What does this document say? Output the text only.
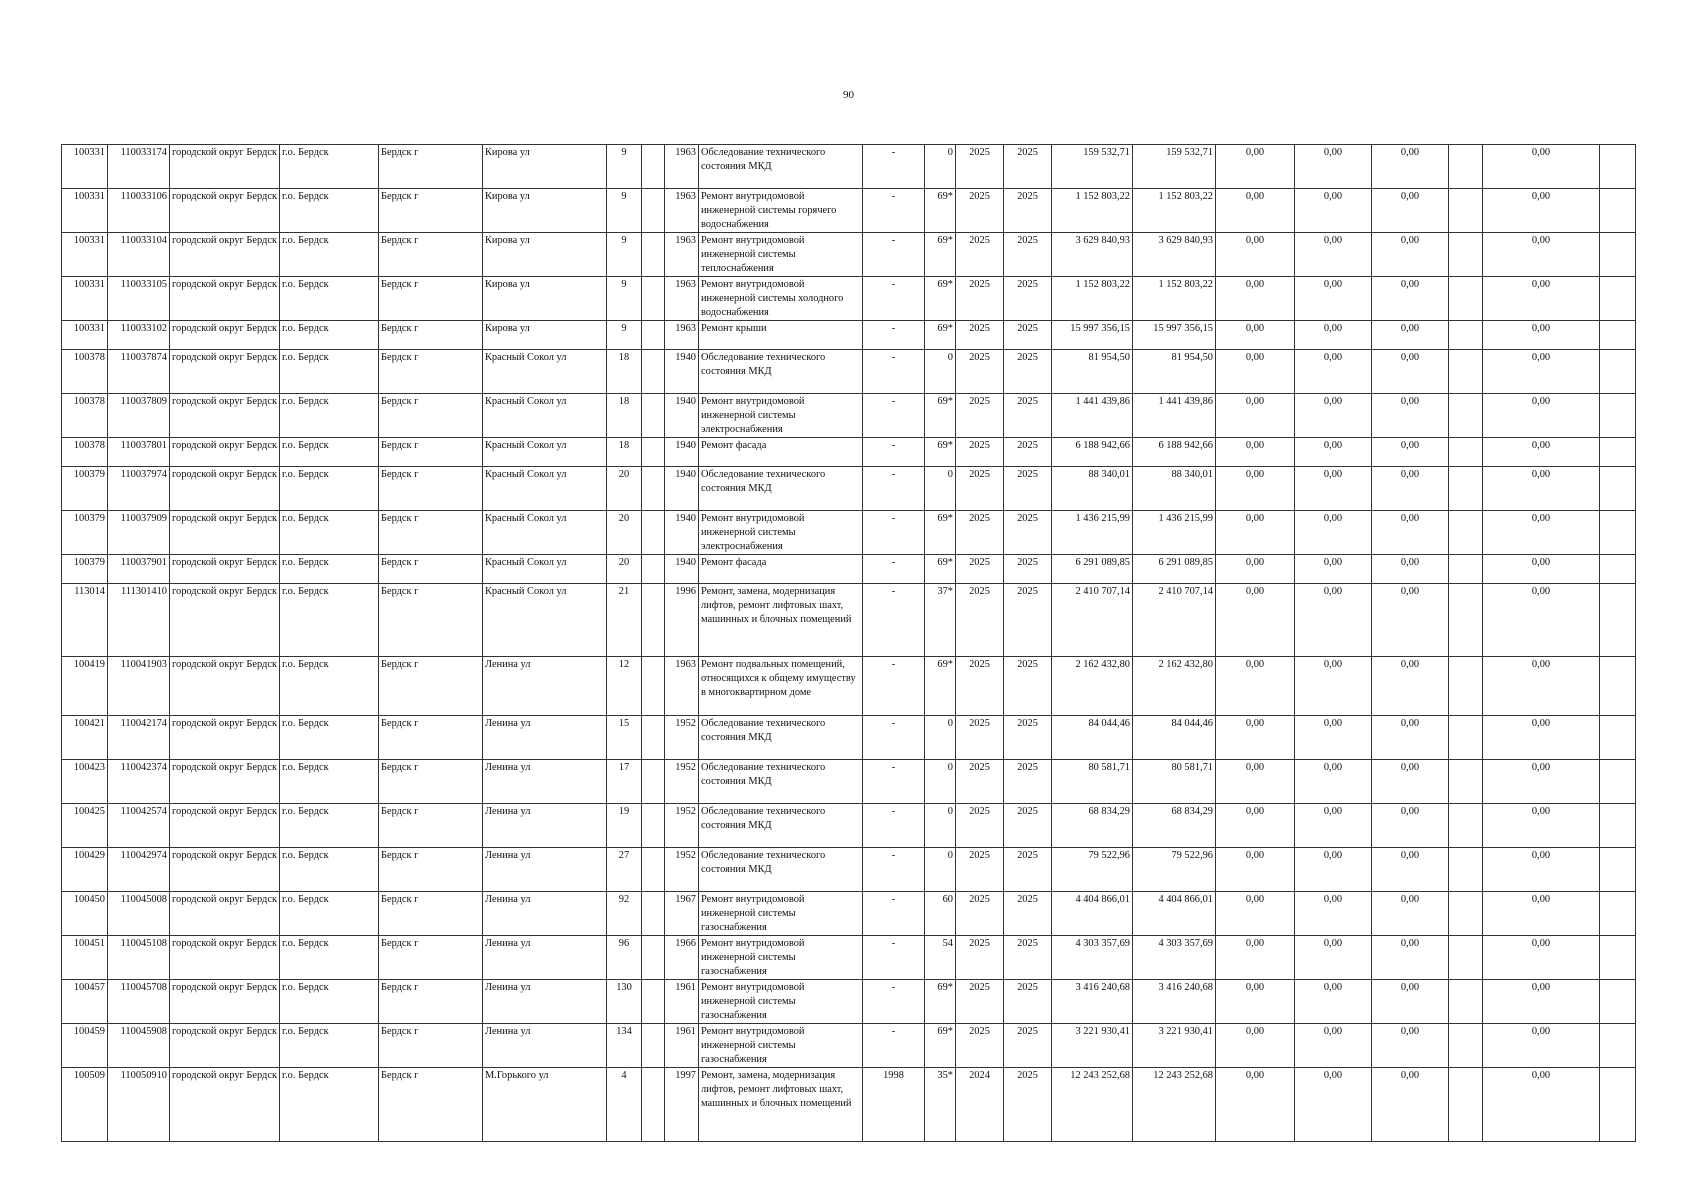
90
100331	110033174	городской округ Бердск	г.о. Бердск	Бердск г	Кирова ул	9		1963	Обследование технического состояния МКД	-	0	2025	2025	159 532,71	159 532,71	0,00	0,00	0,00		0,00	
100331	110033106	городской округ Бердск	г.о. Бердск	Бердск г	Кирова ул	9		1963	Ремонт внутридомовой инженерной системы горячего водоснабжения	-	69*	2025	2025	1 152 803,22	1 152 803,22	0,00	0,00	0,00		0,00	
100331	110033104	городской округ Бердск	г.о. Бердск	Бердск г	Кирова ул	9		1963	Ремонт внутридомовой инженерной системы теплоснабжения	-	69*	2025	2025	3 629 840,93	3 629 840,93	0,00	0,00	0,00		0,00	
100331	110033105	городской округ Бердск	г.о. Бердск	Бердск г	Кирова ул	9		1963	Ремонт внутридомовой инженерной системы холодного водоснабжения	-	69*	2025	2025	1 152 803,22	1 152 803,22	0,00	0,00	0,00		0,00	
100331	110033102	городской округ Бердск	г.о. Бердск	Бердск г	Кирова ул	9		1963	Ремонт крыши	-	69*	2025	2025	15 997 356,15	15 997 356,15	0,00	0,00	0,00		0,00	
100378	110037874	городской округ Бердск	г.о. Бердск	Бердск г	Красный Сокол ул	18		1940	Обследование технического состояния МКД	-	0	2025	2025	81 954,50	81 954,50	0,00	0,00	0,00		0,00	
100378	110037809	городской округ Бердск	г.о. Бердск	Бердск г	Красный Сокол ул	18		1940	Ремонт внутридомовой инженерной системы электроснабжения	-	69*	2025	2025	1 441 439,86	1 441 439,86	0,00	0,00	0,00		0,00	
100378	110037801	городской округ Бердск	г.о. Бердск	Бердск г	Красный Сокол ул	18		1940	Ремонт фасада	-	69*	2025	2025	6 188 942,66	6 188 942,66	0,00	0,00	0,00		0,00	
100379	110037974	городской округ Бердск	г.о. Бердск	Бердск г	Красный Сокол ул	20		1940	Обследование технического состояния МКД	-	0	2025	2025	88 340,01	88 340,01	0,00	0,00	0,00		0,00	
100379	110037909	городской округ Бердск	г.о. Бердск	Бердск г	Красный Сокол ул	20		1940	Ремонт внутридомовой инженерной системы электроснабжения	-	69*	2025	2025	1 436 215,99	1 436 215,99	0,00	0,00	0,00		0,00	
100379	110037901	городской округ Бердск	г.о. Бердск	Бердск г	Красный Сокол ул	20		1940	Ремонт фасада	-	69*	2025	2025	6 291 089,85	6 291 089,85	0,00	0,00	0,00		0,00	
113014	111301410	городской округ Бердск	г.о. Бердск	Бердск г	Красный Сокол ул	21		1996	Ремонт, замена, модернизация лифтов, ремонт лифтовых шахт, машинных и блочных помещений	-	37*	2025	2025	2 410 707,14	2 410 707,14	0,00	0,00	0,00		0,00	
100419	110041903	городской округ Бердск	г.о. Бердск	Бердск г	Ленина ул	12		1963	Ремонт подвальных помещений, относящихся к общему имуществу в многоквартирном доме	-	69*	2025	2025	2 162 432,80	2 162 432,80	0,00	0,00	0,00		0,00	
100421	110042174	городской округ Бердск	г.о. Бердск	Бердск г	Ленина ул	15		1952	Обследование технического состояния МКД	-	0	2025	2025	84 044,46	84 044,46	0,00	0,00	0,00		0,00	
100423	110042374	городской округ Бердск	г.о. Бердск	Бердск г	Ленина ул	17		1952	Обследование технического состояния МКД	-	0	2025	2025	80 581,71	80 581,71	0,00	0,00	0,00		0,00	
100425	110042574	городской округ Бердск	г.о. Бердск	Бердск г	Ленина ул	19		1952	Обследование технического состояния МКД	-	0	2025	2025	68 834,29	68 834,29	0,00	0,00	0,00		0,00	
100429	110042974	городской округ Бердск	г.о. Бердск	Бердск г	Ленина ул	27		1952	Обследование технического состояния МКД	-	0	2025	2025	79 522,96	79 522,96	0,00	0,00	0,00		0,00	
100450	110045008	городской округ Бердск	г.о. Бердск	Бердск г	Ленина ул	92		1967	Ремонт внутридомовой инженерной системы газоснабжения	-	60	2025	2025	4 404 866,01	4 404 866,01	0,00	0,00	0,00		0,00	
100451	110045108	городской округ Бердск	г.о. Бердск	Бердск г	Ленина ул	96		1966	Ремонт внутридомовой инженерной системы газоснабжения	-	54	2025	2025	4 303 357,69	4 303 357,69	0,00	0,00	0,00		0,00	
100457	110045708	городской округ Бердск	г.о. Бердск	Бердск г	Ленина ул	130		1961	Ремонт внутридомовой инженерной системы газоснабжения	-	69*	2025	2025	3 416 240,68	3 416 240,68	0,00	0,00	0,00		0,00	
100459	110045908	городской округ Бердск	г.о. Бердск	Бердск г	Ленина ул	134		1961	Ремонт внутридомовой инженерной системы газоснабжения	-	69*	2025	2025	3 221 930,41	3 221 930,41	0,00	0,00	0,00		0,00	
100509	110050910	городской округ Бердск	г.о. Бердск	Бердск г	М.Горького ул	4		1997	Ремонт, замена, модернизация лифтов, ремонт лифтовых шахт, машинных и блочных помещений	1998	35*	2024	2025	12 243 252,68	12 243 252,68	0,00	0,00	0,00		0,00	
